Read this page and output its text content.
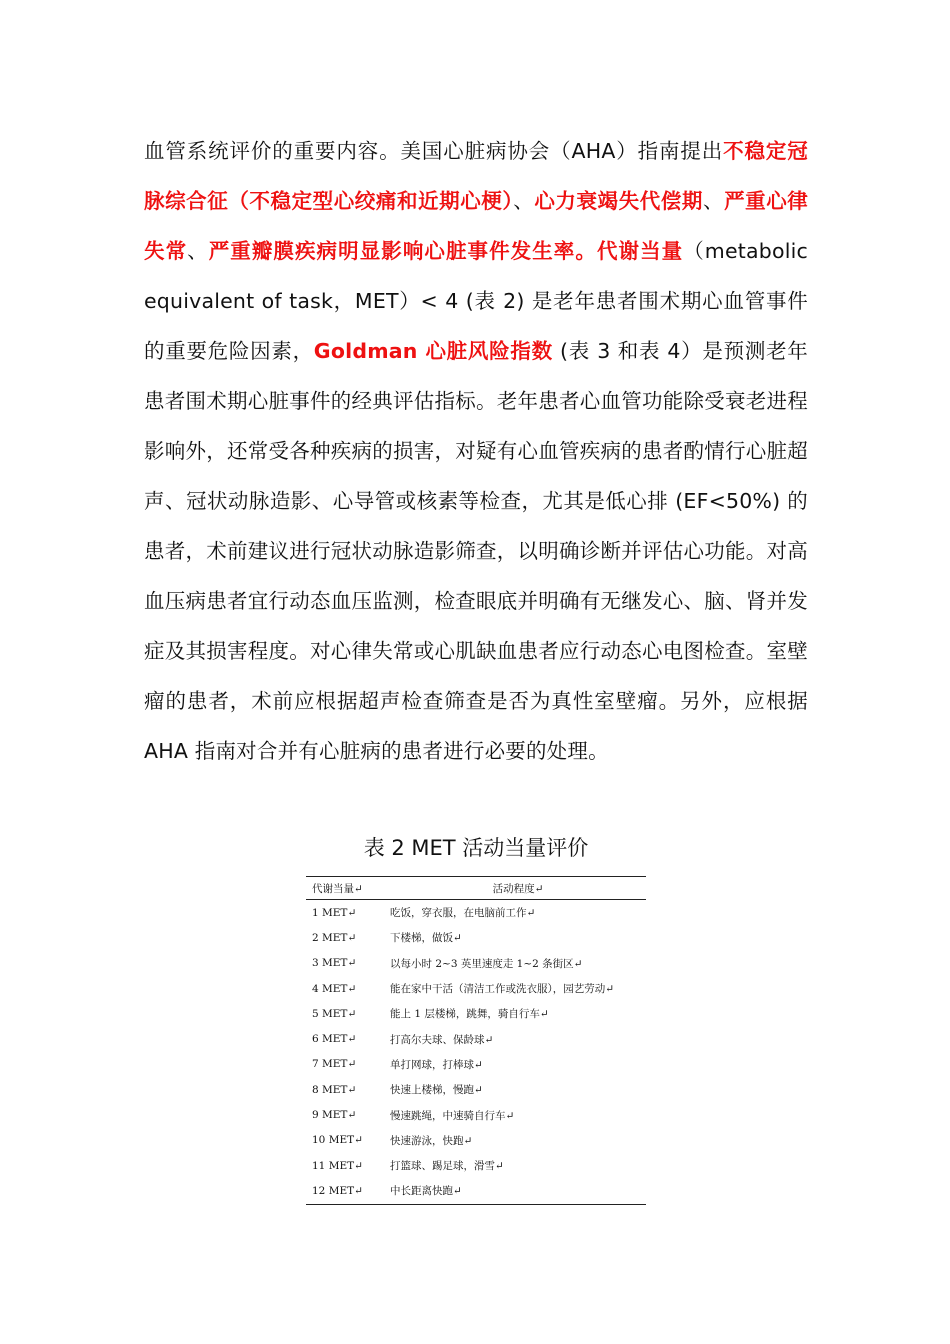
血管系统评价的重要内容。美国心脏病协会（AHA）指南提出不稳定冠脉综合征（不稳定型心绞痛和近期心梗）、心力衰竭失代偿期、严重心律失常、严重瓣膜疾病明显影响心脏事件发生率。代谢当量（metabolic equivalent of task，MET）< 4 (表 2) 是老年患者围术期心血管事件的重要危险因素，Goldman 心脏风险指数 (表 3 和表 4）是预测老年患者围术期心脏事件的经典评估指标。老年患者心血管功能除受衰老进程影响外，还常受各种疾病的损害，对疑有心血管疾病的患者酌情行心脏超声、冠状动脉造影、心导管或核素等检查，尤其是低心排 (EF<50%) 的患者，术前建议进行冠状动脉造影筛查，以明确诊断并评估心功能。对高血压病患者宜行动态血压监测，检查眼底并明确有无继发心、脑、肾并发症及其损害程度。对心律失常或心肌缺血患者应行动态心电图检查。室壁瘤的患者，术前应根据超声检查筛查是否为真性室壁瘤。另外，应根据 AHA 指南对合并有心脏病的患者进行必要的处理。

表 2 MET 活动当量评价
代谢当量↵	活动程度↵
1 MET↵	吃饭，穿衣服，在电脑前工作↵
2 MET↵	下楼梯，做饭↵
3 MET↵	以每小时 2~3 英里速度走 1~2 条街区↵
4 MET↵	能在家中干活（清洁工作或洗衣服），园艺劳动↵
5 MET↵	能上 1 层楼梯，跳舞，骑自行车↵
6 MET↵	打高尔夫球、保龄球↵
7 MET↵	单打网球，打棒球↵
8 MET↵	快速上楼梯，慢跑↵
9 MET↵	慢速跳绳，中速骑自行车↵
10 MET↵	快速游泳，快跑↵
11 MET↵	打篮球、踢足球，滑雪↵
12 MET↵	中长距离快跑↵
